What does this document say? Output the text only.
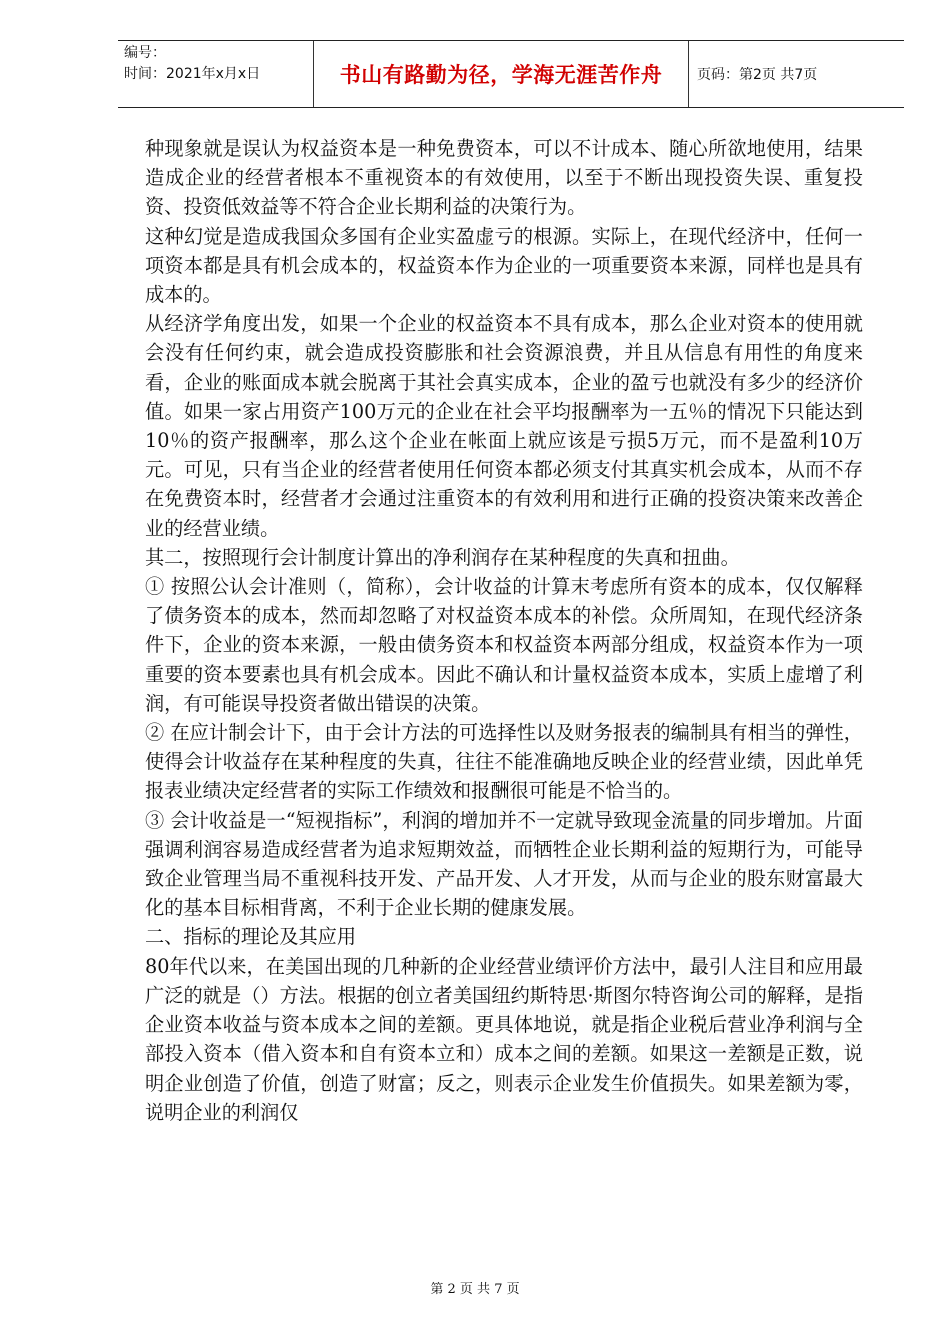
编号：
时间：2021年x月x日	书山有路勤为径，学海无涯苦作舟	页码：第2页 共7页

种现象就是误认为权益资本是一种免费资本，可以不计成本、随心所欲地使用，结果造成企业的经营者根本不重视资本的有效使用，以至于不断出现投资失误、重复投资、投资低效益等不符合企业长期利益的决策行为。

这种幻觉是造成我国众多国有企业实盈虚亏的根源。实际上，在现代经济中，任何一项资本都是具有机会成本的，权益资本作为企业的一项重要资本来源，同样也是具有成本的。

从经济学角度出发，如果一个企业的权益资本不具有成本，那么企业对资本的使用就会没有任何约束，就会造成投资膨胀和社会资源浪费，并且从信息有用性的角度来看，企业的账面成本就会脱离于其社会真实成本，企业的盈亏也就没有多少的经济价值。如果一家占用资产100万元的企业在社会平均报酬率为一五％的情况下只能达到10％的资产报酬率，那么这个企业在帐面上就应该是亏损5万元，而不是盈利10万元。可见，只有当企业的经营者使用任何资本都必须支付其真实机会成本，从而不存在免费资本时，经营者才会通过注重资本的有效利用和进行正确的投资决策来改善企业的经营业绩。

其二，按照现行会计制度计算出的净利润存在某种程度的失真和扭曲。

① 按照公认会计准则（，简称），会计收益的计算末考虑所有资本的成本，仅仅解释了债务资本的成本，然而却忽略了对权益资本成本的补偿。众所周知，在现代经济条件下，企业的资本来源，一般由债务资本和权益资本两部分组成，权益资本作为一项重要的资本要素也具有机会成本。因此不确认和计量权益资本成本，实质上虚增了利润，有可能误导投资者做出错误的决策。

② 在应计制会计下，由于会计方法的可选择性以及财务报表的编制具有相当的弹性，使得会计收益存在某种程度的失真，往往不能准确地反映企业的经营业绩，因此单凭报表业绩决定经营者的实际工作绩效和报酬很可能是不恰当的。

③ 会计收益是一“短视指标”，利润的增加并不一定就导致现金流量的同步增加。片面强调利润容易造成经营者为追求短期效益，而牺牲企业长期利益的短期行为，可能导致企业管理当局不重视科技开发、产品开发、人才开发，从而与企业的股东财富最大化的基本目标相背离，不利于企业长期的健康发展。

二、指标的理论及其应用

80年代以来，在美国出现的几种新的企业经营业绩评价方法中，最引人注目和应用最广泛的就是（）方法。根据的创立者美国纽约斯特思·斯图尔特咨询公司的解释，是指企业资本收益与资本成本之间的差额。更具体地说，就是指企业税后营业净利润与全部投入资本（借入资本和自有资本立和）成本之间的差额。如果这一差额是正数，说明企业创造了价值，创造了财富；反之，则表示企业发生价值损失。如果差额为零，说明企业的利润仅

第 2 页 共 7 页
